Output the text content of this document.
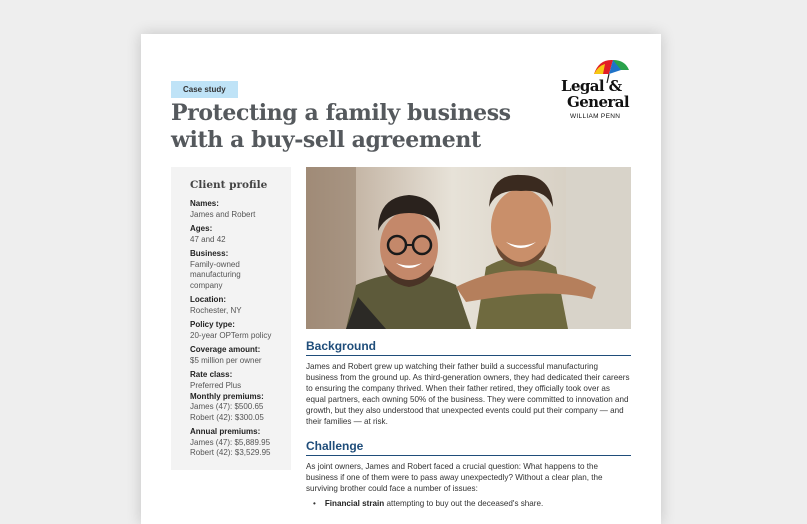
Case study
Protecting a family business with a buy-sell agreement
Legal &
General
WILLIAM PENN
Client profile
Names:
James and Robert
Ages:
47 and 42
Business:
Family-owned manufacturing company
Location:
Rochester, NY
Policy type:
20-year OPTerm policy
Coverage amount:
$5 million per owner
Rate class:
Preferred Plus
Monthly premiums:
James (47): $500.65
Robert (42): $300.05
Annual premiums:
James (47): $5,889.95
Robert (42): $3,529.95
Background

James and Robert grew up watching their father build a successful manufacturing business from the ground up. As third-generation owners, they had dedicated their careers to ensuring the company thrived. When their father retired, they officially took over as equal partners, each owning 50% of the business. They were committed to innovation and growth, but they also understood that unexpected events could put their company — and their families — at risk.

Challenge

As joint owners, James and Robert faced a crucial question: What happens to the business if one of them were to pass away unexpectedly? Without a clear plan, the surviving brother could face a number of issues:

•    Financial strain attempting to buy out the deceased's share.
